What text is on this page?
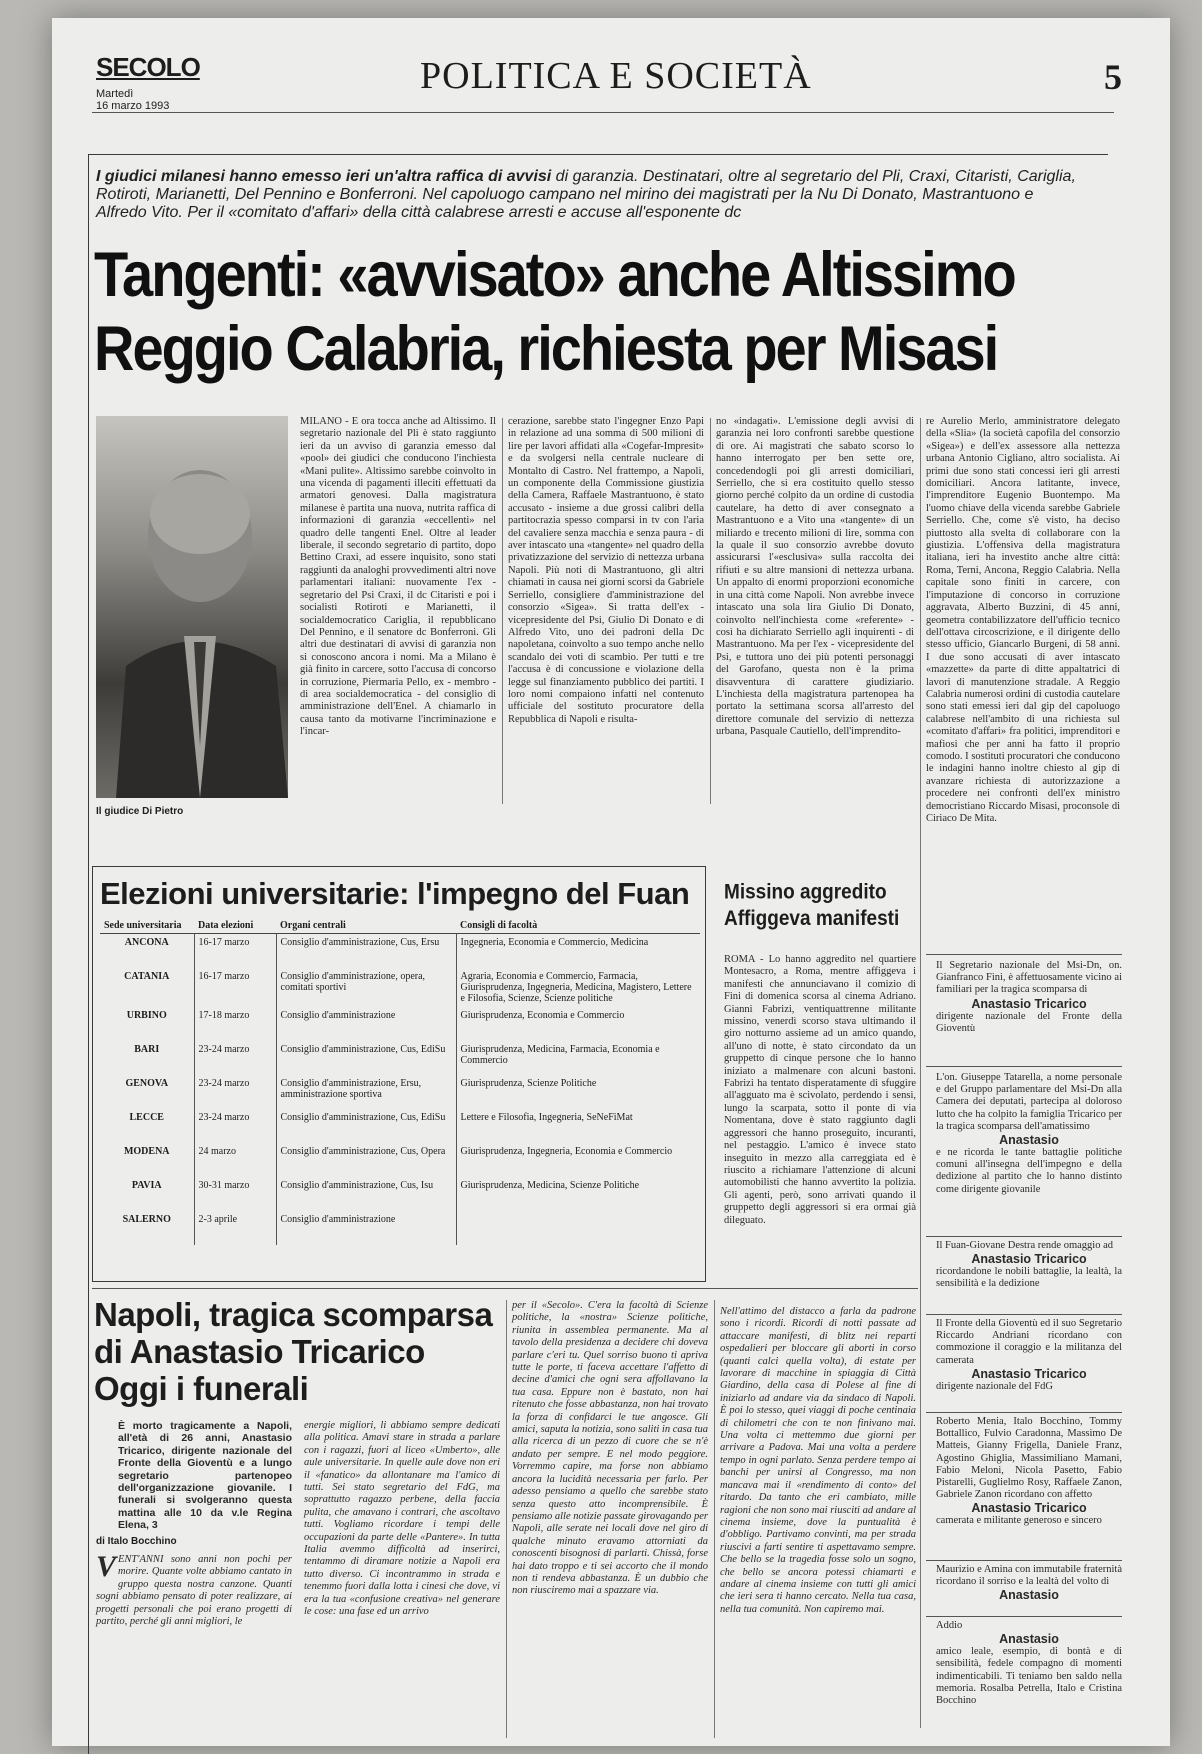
SECOLO
Martedì
16 marzo 1993
POLITICA E SOCIETÀ	5
I giudici milanesi hanno emesso ieri un'altra raffica di avvisi di garanzia. Destinatari, oltre al segretario del Pli, Craxi, Citaristi, Cariglia, Rotiroti, Marianetti, Del Pennino e Bonferroni. Nel capoluogo campano nel mirino dei magistrati per la Nu Di Donato, Mastrantuono e Alfredo Vito. Per il «comitato d'affari» della città calabrese arresti e accuse all'esponente dc
Tangenti: «avvisato» anche Altissimo
Reggio Calabria, richiesta per Misasi
Il giudice Di Pietro
MILANO - E ora tocca anche ad Altissimo. Il segretario nazionale del Pli è stato raggiunto ieri da un avviso di garanzia emesso dal «pool» dei giudici che conducono l'inchiesta «Mani pulite». Altissimo sarebbe coinvolto in una vicenda di pagamenti illeciti effettuati da armatori genovesi. Dalla magistratura milanese è partita una nuova, nutrita raffica di informazioni di garanzia «eccellenti» nel quadro delle tangenti Enel. Oltre al leader liberale, il secondo segretario di partito, dopo Bettino Craxi, ad essere inquisito, sono stati raggiunti da analoghi provvedimenti altri nove parlamentari italiani: nuovamente l'ex - segretario del Psi Craxi, il dc Citaristi e poi i socialisti Rotiroti e Marianetti, il socialdemocratico Cariglia, il repubblicano Del Pennino, e il senatore dc Bonferroni. Gli altri due destinatari di avvisi di garanzia non si conoscono ancora i nomi. Ma a Milano è già finito in carcere, sotto l'accusa di concorso in corruzione, Piermaria Pello, ex - membro - di area socialdemocratica - del consiglio di amministrazione dell'Enel. A chiamarlo in causa tanto da motivarne l'incriminazione e l'incar-
cerazione, sarebbe stato l'ingegner Enzo Papi in relazione ad una somma di 500 milioni di lire per lavori affidati alla «Cogefar-Impresit» e da svolgersi nella centrale nucleare di Montalto di Castro. Nel frattempo, a Napoli, un componente della Commissione giustizia della Camera, Raffaele Mastrantuono, è stato accusato - insieme a due grossi calibri della partitocrazia spesso comparsi in tv con l'aria del cavaliere senza macchia e senza paura - di aver intascato una «tangente» nel quadro della privatizzazione del servizio di nettezza urbana Napoli. Più noti di Mastrantuono, gli altri chiamati in causa nei giorni scorsi da Gabriele Serriello, consigliere d'amministrazione del consorzio «Sigea». Si tratta dell'ex - vicepresidente del Psi, Giulio Di Donato e di Alfredo Vito, uno dei padroni della Dc napoletana, coinvolto a suo tempo anche nello scandalo dei voti di scambio. Per tutti e tre l'accusa è di concussione e violazione della legge sul finanziamento pubblico dei partiti. I loro nomi compaiono infatti nel contenuto ufficiale del sostituto procuratore della Repubblica di Napoli e risulta-
no «indagati». L'emissione degli avvisi di garanzia nei loro confronti sarebbe questione di ore. Ai magistrati che sabato scorso lo hanno interrogato per ben sette ore, concedendogli poi gli arresti domiciliari, Serriello, che si era costituito quello stesso giorno perché colpito da un ordine di custodia cautelare, ha detto di aver consegnato a Mastrantuono e a Vito una «tangente» di un miliardo e trecento milioni di lire, somma con la quale il suo consorzio avrebbe dovuto assicurarsi l'«esclusiva» sulla raccolta dei rifiuti e su altre mansioni di nettezza urbana. Un appalto di enormi proporzioni economiche in una città come Napoli. Non avrebbe invece intascato una sola lira Giulio Di Donato, coinvolto nell'inchiesta come «referente» - così ha dichiarato Serriello agli inquirenti - di Mastrantuono. Ma per l'ex - vicepresidente del Psi, e tuttora uno dei più potenti personaggi del Garofano, questa non è la prima disavventura di carattere giudiziario. L'inchiesta della magistratura partenopea ha portato la settimana scorsa all'arresto del direttore comunale del servizio di nettezza urbana, Pasquale Cautiello, dell'imprendito-
re Aurelio Merlo, amministratore delegato della «Slia» (la società capofila del consorzio «Sigea») e dell'ex assessore alla nettezza urbana Antonio Cigliano, altro socialista. Ai primi due sono stati concessi ieri gli arresti domiciliari. Ancora latitante, invece, l'imprenditore Eugenio Buontempo. Ma l'uomo chiave della vicenda sarebbe Gabriele Serriello. Che, come s'è visto, ha deciso piuttosto alla svelta di collaborare con la giustizia. L'offensiva della magistratura italiana, ieri ha investito anche altre città: Roma, Terni, Ancona, Reggio Calabria. Nella capitale sono finiti in carcere, con l'imputazione di concorso in corruzione aggravata, Alberto Buzzini, di 45 anni, geometra contabilizzatore dell'ufficio tecnico dell'ottava circoscrizione, e il dirigente dello stesso ufficio, Giancarlo Burgeni, di 58 anni. I due sono accusati di aver intascato «mazzette» da parte di ditte appaltatrici di lavori di manutenzione stradale. A Reggio Calabria numerosi ordini di custodia cautelare sono stati emessi ieri dal gip del capoluogo calabrese nell'ambito di una richiesta sul «comitato d'affari» fra politici, imprenditori e mafiosi che per anni ha fatto il proprio comodo. I sostituti procuratori che conducono le indagini hanno inoltre chiesto al gip di avanzare richiesta di autorizzazione a procedere nei confronti dell'ex ministro democristiano Riccardo Misasi, proconsole di Ciriaco De Mita.
Elezioni universitarie: l'impegno del Fuan
Sede universitaria	Data elezioni	Organi centrali	Consigli di facoltà
ANCONA	16-17 marzo	Consiglio d'amministrazione, Cus, Ersu	Ingegneria, Economia e Commercio, Medicina
CATANIA	16-17 marzo	Consiglio d'amministrazione, opera, comitati sportivi	Agraria, Economia e Commercio, Farmacia, Giurisprudenza, Ingegneria, Medicina, Magistero, Lettere e Filosofia, Scienze, Scienze politiche
URBINO	17-18 marzo	Consiglio d'amministrazione	Giurisprudenza, Economia e Commercio
BARI	23-24 marzo	Consiglio d'amministrazione, Cus, EdiSu	Giurisprudenza, Medicina, Farmacia, Economia e Commercio
GENOVA	23-24 marzo	Consiglio d'amministrazione, Ersu, amministrazione sportiva	Giurisprudenza, Scienze Politiche
LECCE	23-24 marzo	Consiglio d'amministrazione, Cus, EdiSu	Lettere e Filosofia, Ingegneria, SeNeFiMat
MODENA	24 marzo	Consiglio d'amministrazione, Cus, Opera	Giurisprudenza, Ingegneria, Economia e Commercio
PAVIA	30-31 marzo	Consiglio d'amministrazione, Cus, Isu	Giurisprudenza, Medicina, Scienze Politiche
SALERNO	2-3 aprile	Consiglio d'amministrazione	
Missino aggredito
Affiggeva manifesti
ROMA - Lo hanno aggredito nel quartiere Montesacro, a Roma, mentre affiggeva i manifesti che annunciavano il comizio di Fini di domenica scorsa al cinema Adriano. Gianni Fabrizi, ventiquattrenne militante missino, venerdì scorso stava ultimando il giro notturno assieme ad un amico quando, all'uno di notte, è stato circondato da un gruppetto di cinque persone che lo hanno iniziato a malmenare con alcuni bastoni. Fabrizi ha tentato disperatamente di sfuggire all'agguato ma è scivolato, perdendo i sensi, lungo la scarpata, sotto il ponte di via Nomentana, dove è stato raggiunto dagli aggressori che hanno proseguito, incuranti, nel pestaggio. L'amico è invece stato inseguito in mezzo alla carreggiata ed è riuscito a richiamare l'attenzione di alcuni automobilisti che hanno avvertito la polizia. Gli agenti, però, sono arrivati quando il gruppetto degli aggressori si era ormai già dileguato.
Napoli, tragica scomparsa
di Anastasio Tricarico
Oggi i funerali
È morto tragicamente a Napoli, all'età di 26 anni, Anastasio Tricarico, dirigente nazionale del Fronte della Gioventù e a lungo segretario partenopeo dell'organizzazione giovanile. I funerali si svolgeranno questa mattina alle 10 da v.le Regina Elena, 3
di Italo Bocchino
VENT'ANNI sono anni non pochi per morire. Quante volte abbiamo cantato in gruppo questa nostra canzone. Quanti sogni abbiamo pensato di poter realizzare, ai progetti personali che poi erano progetti di partito, perché gli anni migliori, le
energie migliori, li abbiamo sempre dedicati alla politica. Amavi stare in strada a parlare con i ragazzi, fuori al liceo «Umberto», alle aule universitarie. In quelle aule dove non eri il «fanatico» da allontanare ma l'amico di tutti. Sei stato segretario del FdG, ma soprattutto ragazzo perbene, della faccia pulita, che amavano i contrari, che ascoltavo tutti. Vogliamo ricordare i tempi delle occupazioni da parte delle «Pantere». In tutta Italia avemmo difficoltà ad inserirci, tentammo di diramare notizie a Napoli era tutto diverso. Ci incontrammo in strada e tenemmo fuori dalla lotta i cinesi che dove, vi era la tua «confusione creativa» nel generare le cose: una fase ed un arrivo
per il «Secolo». C'era la facoltà di Scienze politiche, la «nostra» Scienze politiche, riunita in assemblea permanente. Ma al tavolo della presidenza a decidere chi doveva parlare c'eri tu. Quel sorriso buono ti apriva tutte le porte, ti faceva accettare l'affetto di decine d'amici che ogni sera affollavano la tua casa. Eppure non è bastato, non hai ritenuto che fosse abbastanza, non hai trovato la forza di confidarci le tue angosce. Gli amici, saputa la notizia, sono saliti in casa tua alla ricerca di un pezzo di cuore che se n'è andato per sempre. E nel modo peggiore. Vorremmo capire, ma forse non abbiamo ancora la lucidità necessaria per farlo. Per adesso pensiamo a quello che sarebbe stato senza questo atto incomprensibile. È pensiamo alle notizie passate girovagando per Napoli, alle serate nei locali dove nel giro di qualche minuto eravamo attorniati da conoscenti bisognosi di parlarti. Chissà, forse hai dato troppo e ti sei accorto che il mondo non ti rendeva abbastanza. È un dubbio che non riusciremo mai a spazzare via.
Nell'attimo del distacco a farla da padrone sono i ricordi. Ricordi di notti passate ad attaccare manifesti, di blitz nei reparti ospedalieri per bloccare gli aborti in corso (quanti calci quella volta), di estate per lavorare di macchine in spiaggia di Città Giardino, della casa di Polese al fine di iniziarlo ad andare via da sindaco di Napoli. È poi lo stesso, quei viaggi di poche centinaia di chilometri che con te non finivano mai. Una volta ci mettemmo due giorni per arrivare a Padova. Mai una volta a perdere tempo in ogni parlato. Senza perdere tempo ai banchi per unirsi al Congresso, ma non mancava mai il «rendimento di conto» del ritardo. Da tanto che eri cambiato, mille ragioni che non sono mai riusciti ad andare al cinema insieme, dove la puntualità è d'obbligo. Partivamo convinti, ma per strada riuscivi a farti sentire ti aspettavamo sempre. Che bello se la tragedia fosse solo un sogno, che bello se ancora potessi chiamarti e andare al cinema insieme con tutti gli amici che ieri sera ti hanno cercato. Nella tua casa, nella tua comunità. Non capiremo mai.
Il Segretario nazionale del Msi-Dn, on. Gianfranco Fini, è affettuosamente vicino ai familiari per la tragica scomparsa di
Anastasio Tricarico
dirigente nazionale del Fronte della Gioventù
L'on. Giuseppe Tatarella, a nome personale e del Gruppo parlamentare del Msi-Dn alla Camera dei deputati, partecipa al doloroso lutto che ha colpito la famiglia Tricarico per la tragica scomparsa dell'amatissimo
Anastasio
e ne ricorda le tante battaglie politiche comuni all'insegna dell'impegno e della dedizione al partito che lo hanno distinto come dirigente giovanile
Il Fuan-Giovane Destra rende omaggio ad
Anastasio Tricarico
ricordandone le nobili battaglie, la lealtà, la sensibilità e la dedizione
Il Fronte della Gioventù ed il suo Segretario Riccardo Andriani ricordano con commozione il coraggio e la militanza del camerata
Anastasio Tricarico
dirigente nazionale del FdG
Roberto Menia, Italo Bocchino, Tommy Bottallico, Fulvio Caradonna, Massimo De Matteis, Gianny Frigella, Daniele Franz, Agostino Ghiglia, Massimiliano Mamani, Fabio Meloni, Nicola Pasetto, Fabio Pistarelli, Guglielmo Rosy, Raffaele Zanon, Gabriele Zanon ricordano con affetto
Anastasio Tricarico
camerata e militante generoso e sincero
Maurizio e Amina con immutabile fraternità ricordano il sorriso e la lealtà del volto di
Anastasio
Addio
Anastasio
amico leale, esempio, di bontà e di sensibilità, fedele compagno di momenti indimenticabili. Ti teniamo ben saldo nella memoria. Rosalba Petrella, Italo e Cristina Bocchino
